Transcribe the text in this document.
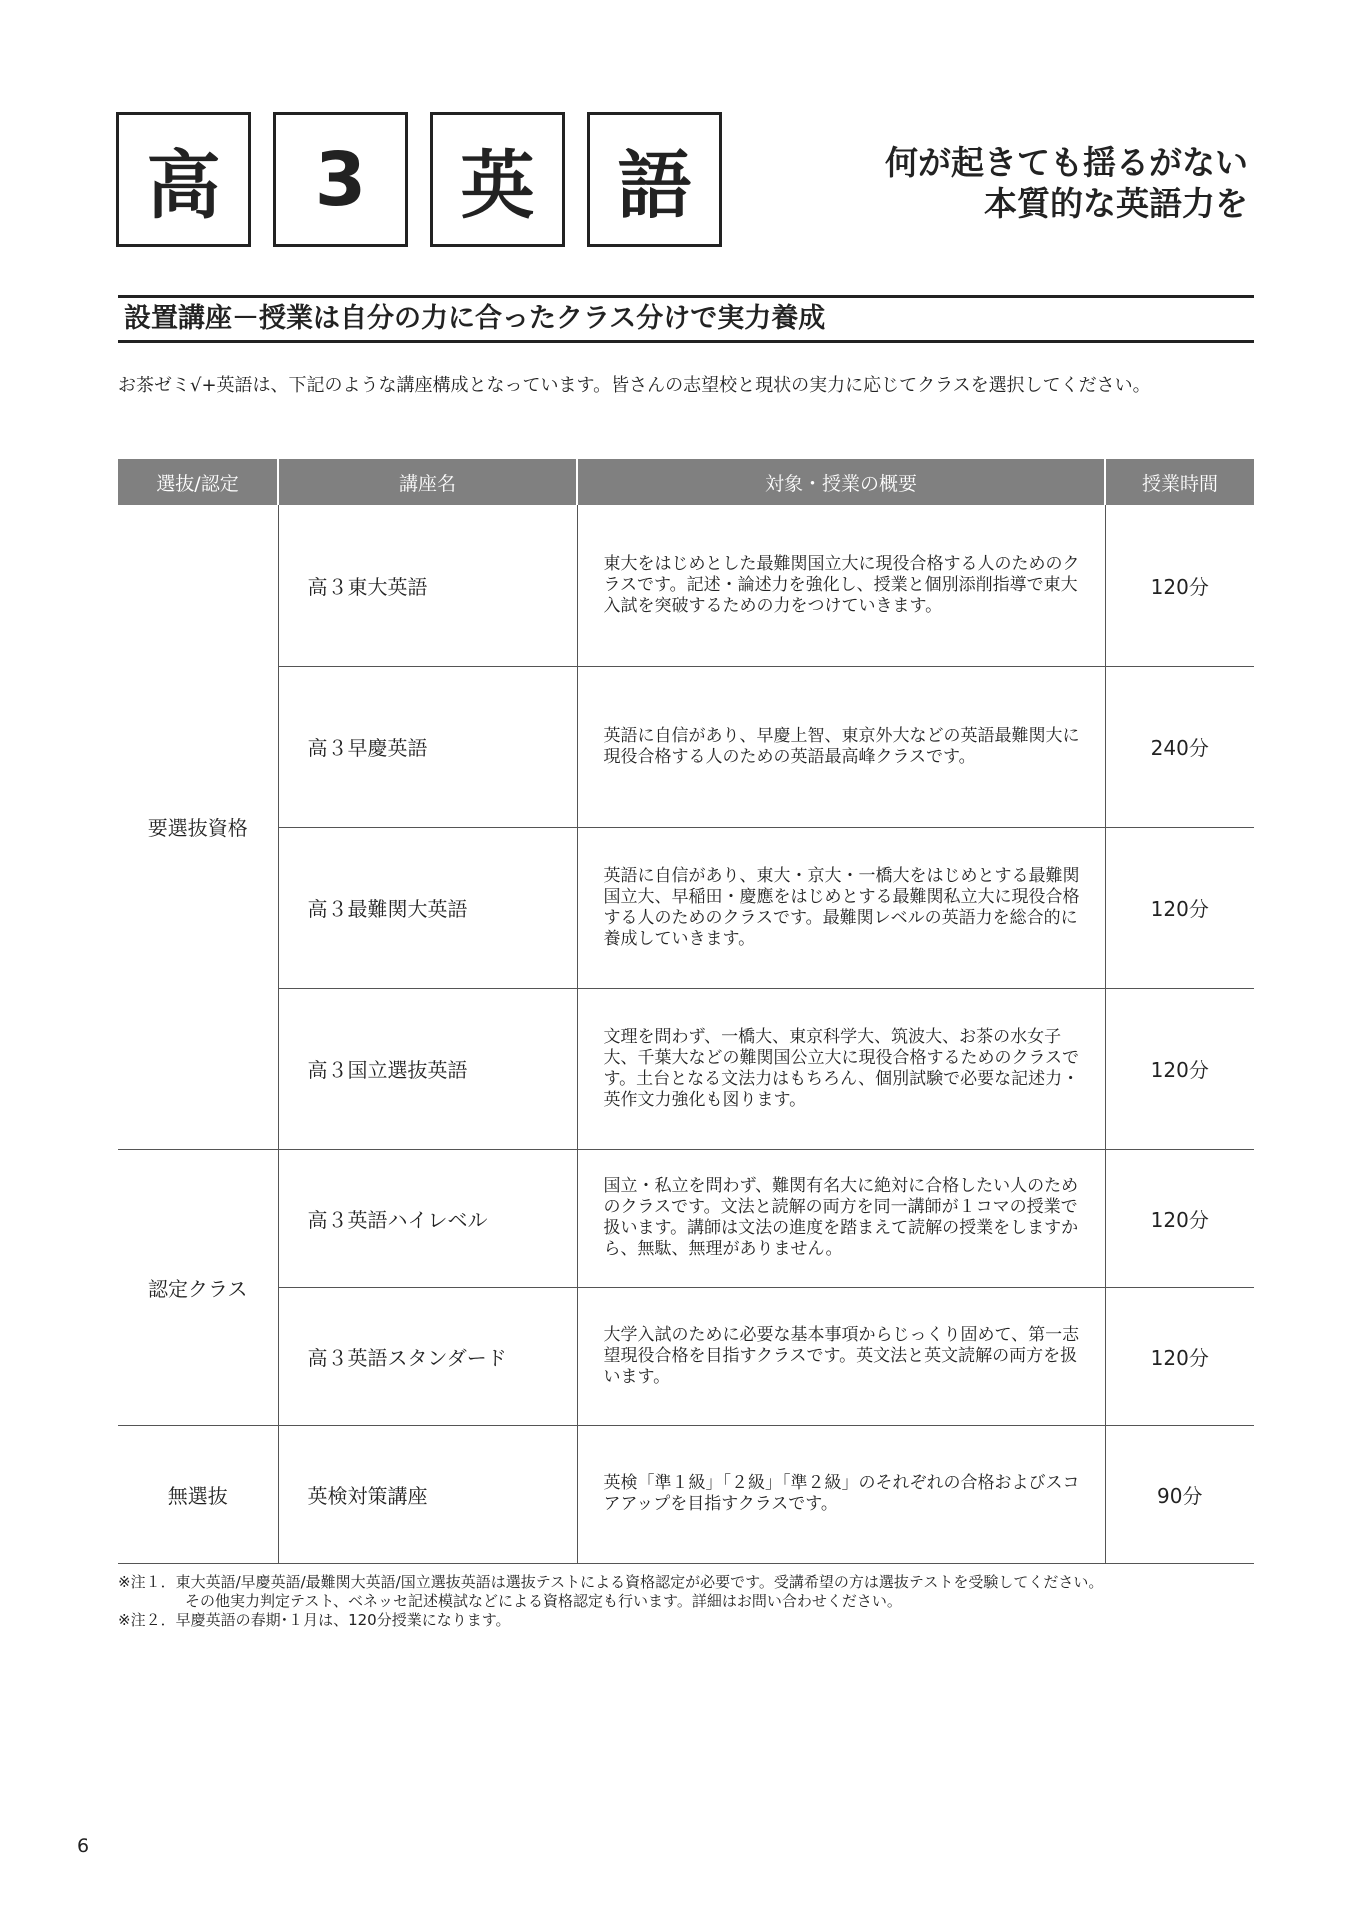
高	3	英	語	何が起きても揺るがない
本質的な英語力を
設置講座－授業は自分の力に合ったクラス分けで実力養成
お茶ゼミ√+英語は、下記のような講座構成となっています。皆さんの志望校と現状の実力に応じてクラスを選択してください。
選抜/認定	講座名	対象・授業の概要	授業時間
要選抜資格	高３東大英語	東大をはじめとした最難関国立大に現役合格する人のためのクラスです。記述・論述力を強化し、授業と個別添削指導で東大入試を突破するための力をつけていきます。	120分
	高３早慶英語	英語に自信があり、早慶上智、東京外大などの英語最難関大に現役合格する人のための英語最高峰クラスです。	240分
	高３最難関大英語	英語に自信があり、東大・京大・一橋大をはじめとする最難関国立大、早稲田・慶應をはじめとする最難関私立大に現役合格する人のためのクラスです。最難関レベルの英語力を総合的に養成していきます。	120分
	高３国立選抜英語	文理を問わず、一橋大、東京科学大、筑波大、お茶の水女子大、千葉大などの難関国公立大に現役合格するためのクラスです。土台となる文法力はもちろん、個別試験で必要な記述力・英作文力強化も図ります。	120分
認定クラス	高３英語ハイレベル	国立・私立を問わず、難関有名大に絶対に合格したい人のためのクラスです。文法と読解の両方を同一講師が１コマの授業で扱います。講師は文法の進度を踏まえて読解の授業をしますから、無駄、無理がありません。	120分
	高３英語スタンダード	大学入試のために必要な基本事項からじっくり固めて、第一志望現役合格を目指すクラスです。英文法と英文読解の両方を扱います。	120分
無選抜	英検対策講座	英検「準１級」「２級」「準２級」のそれぞれの合格およびスコアアップを目指すクラスです。	90分
※注１．東大英語/早慶英語/最難関大英語/国立選抜英語は選抜テストによる資格認定が必要です。受講希望の方は選抜テストを受験してください。
その他実力判定テスト、ベネッセ記述模試などによる資格認定も行います。詳細はお問い合わせください。
※注２．早慶英語の春期･１月は、120分授業になります。
6
